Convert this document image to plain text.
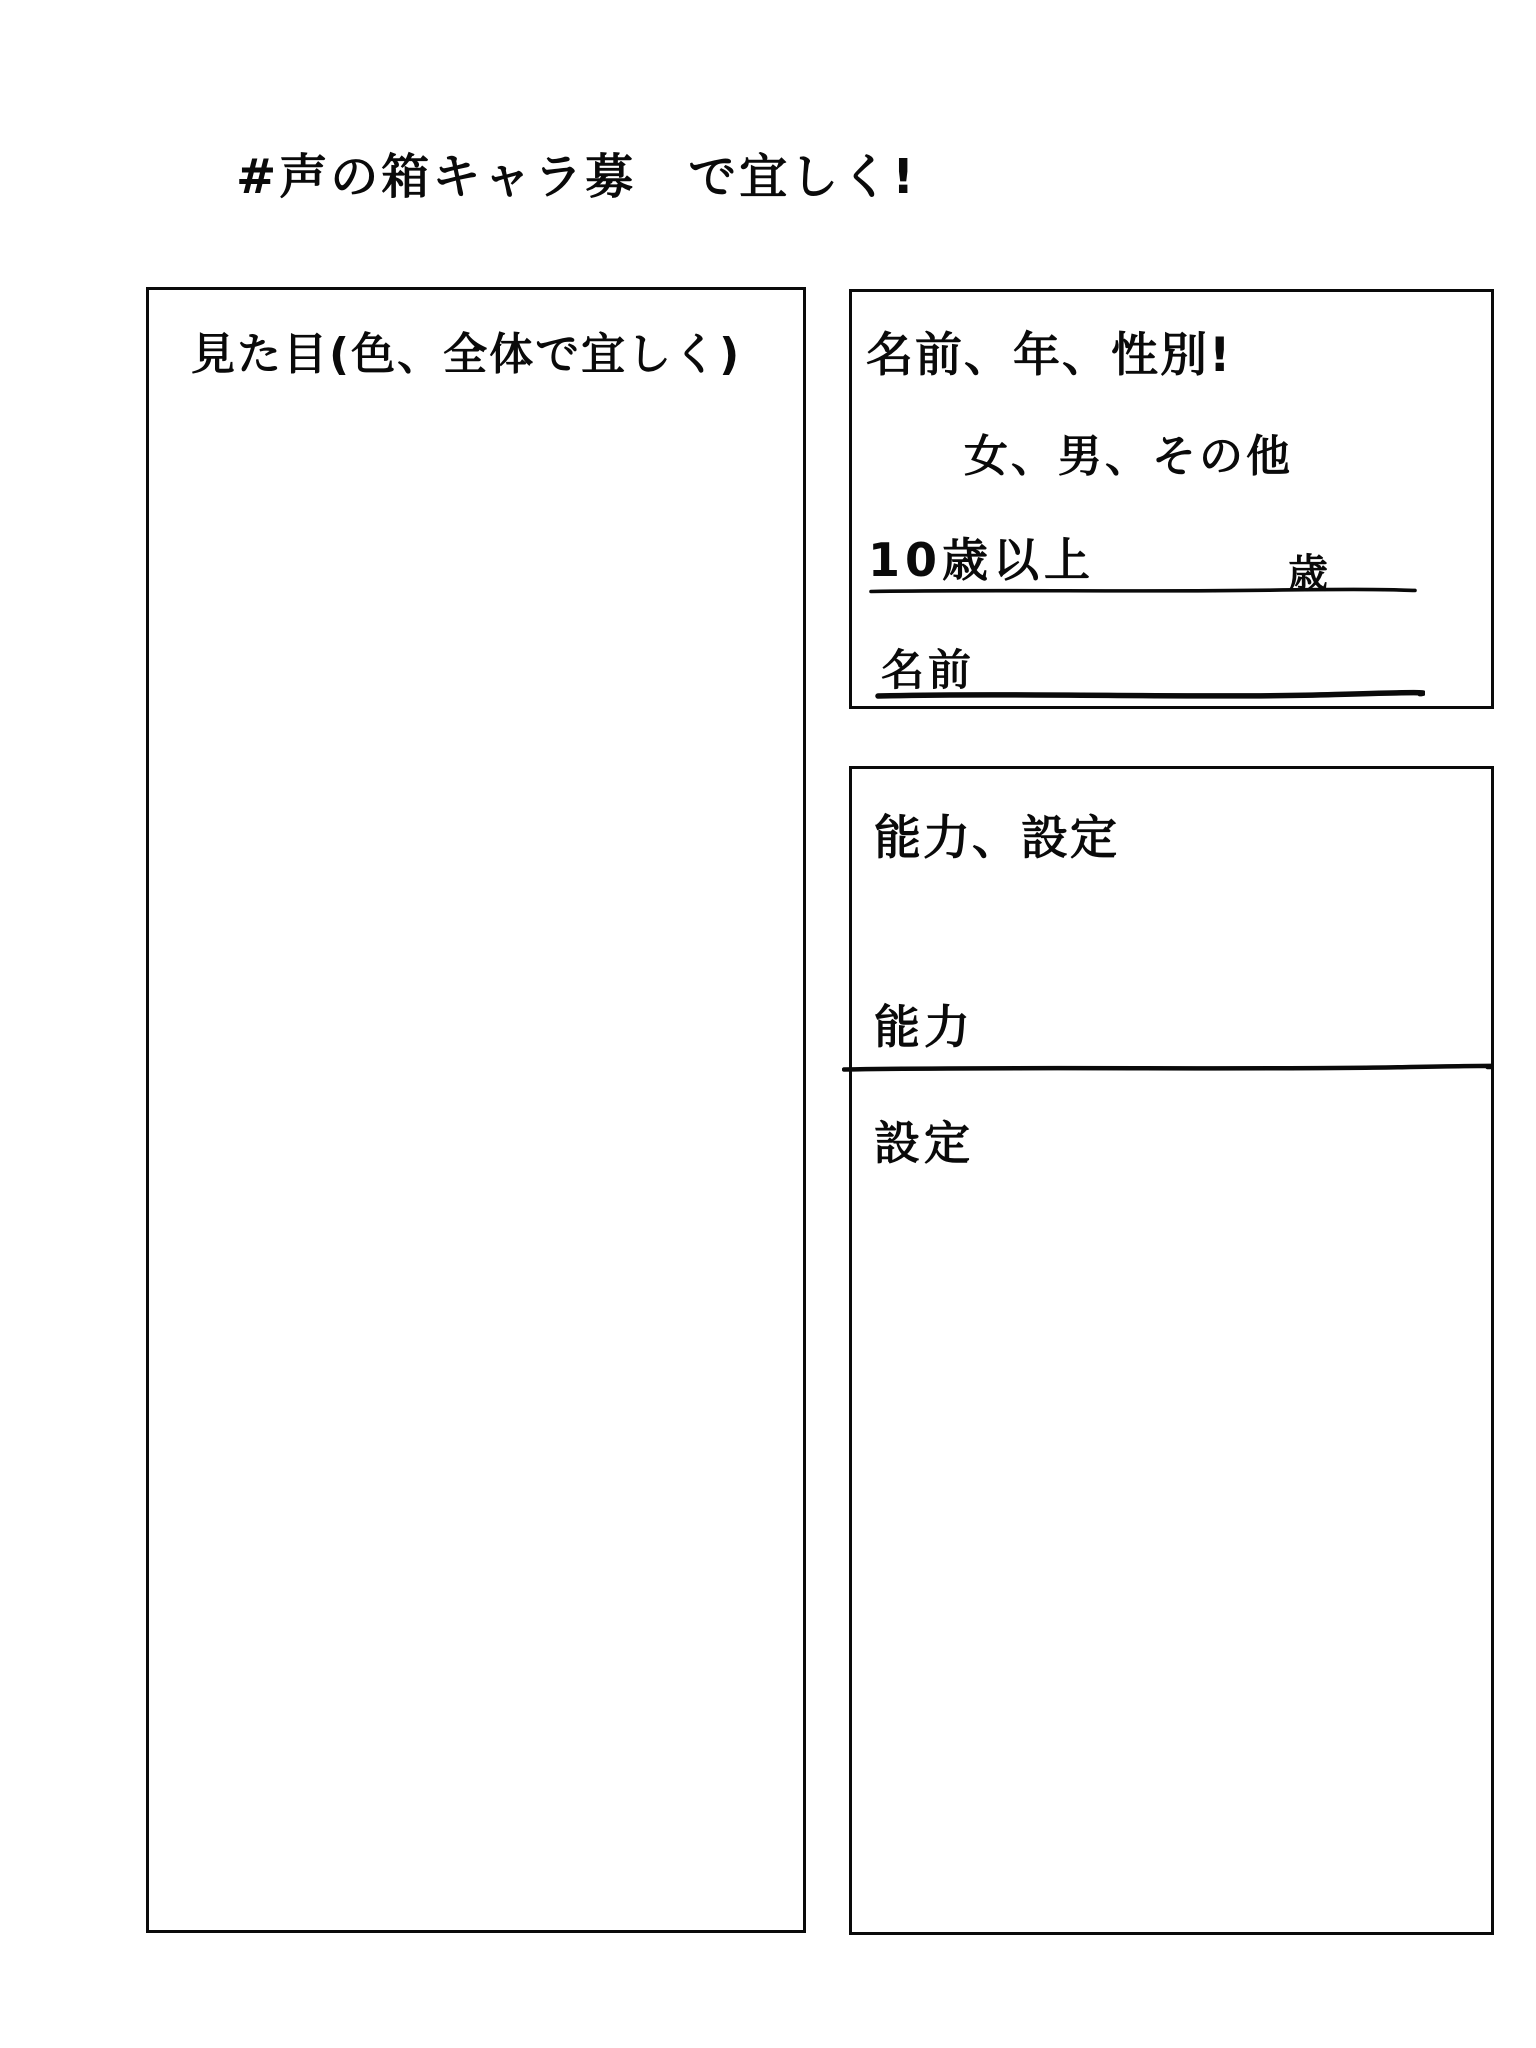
#声の箱キャラ募 で宜しく!
見た目(色、全体で宜しく)	名前、年、性別!
女、男、その他
10歳以上	歳
名前
能力、設定
能力
設定
